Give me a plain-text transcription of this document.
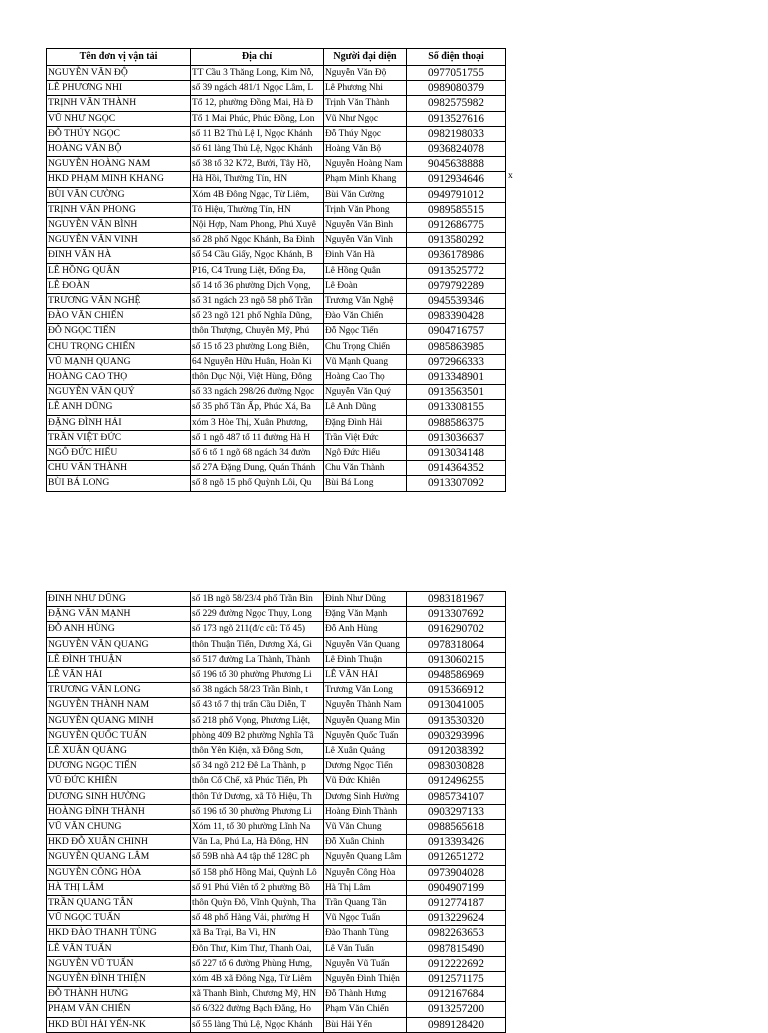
Tên đơn vị vận tải	Địa chỉ	Người đại diện	Số điện thoại
NGUYỄN VĂN ĐỘ	TT Cầu 3 Thăng Long, Kim Nỗ,	Nguyễn Văn Độ	0977051755
LÊ PHƯƠNG NHI	số 39 ngách 481/1 Ngọc Lâm, L	Lê Phương Nhi	0989080379
TRỊNH VĂN THÀNH	Tổ 12, phường Đồng Mai, Hà Đ	Trịnh Văn Thành	0982575982
VŨ NHƯ NGỌC	Tổ 1 Mai Phúc, Phúc Đồng, Lon	Vũ Như Ngọc	0913527616
ĐỖ THÚY NGỌC	số 11 B2 Thủ Lệ I, Ngọc Khánh	Đỗ Thúy Ngọc	0982198033
HOÀNG VĂN BỘ	số 61 làng Thủ Lệ, Ngọc Khánh	Hoàng Văn Bộ	0936824078
NGUYỄN HOÀNG NAM	số 38 tổ 32 K72, Bưởi, Tây Hồ,	Nguyễn Hoàng Nam	9045638888
HKD PHẠM MINH KHANG	Hà Hồi, Thường Tín, HN	Phạm Minh Khang	0912934646
BÙI VĂN CƯỜNG	Xóm 4B Đông Ngạc, Từ Liêm,	Bùi Văn Cường	0949791012
TRỊNH VĂN PHONG	Tô Hiệu, Thường Tín, HN	Trịnh Văn Phong	0989585515
NGUYỄN VĂN BÌNH	Nội Hợp, Nam Phong, Phú Xuyê	Nguyễn Văn Bình	0912686775
NGUYỄN VĂN VINH	số 28 phố Ngọc Khánh, Ba Đình	Nguyễn Văn Vinh	0913580292
ĐINH VĂN HÀ	số 54 Cầu Giấy, Ngọc Khánh, B	Đinh Văn Hà	0936178986
LÊ HỒNG QUÂN	P16, C4 Trung Liệt, Đống Đa,	Lê Hồng Quân	0913525772
LÊ ĐOÀN	số 14 tổ 36 phường Dịch Vọng,	Lê Đoàn	0979792289
TRƯƠNG VĂN NGHỆ	số 31 ngách 23 ngõ 58 phố Trần	Trương Văn Nghệ	0945539346
ĐÀO VĂN CHIẾN	số 23 ngõ 121 phố Nghĩa Dũng,	Đào Văn Chiến	0983390428
ĐỖ NGỌC TIẾN	thôn Thượng, Chuyên Mỹ, Phú	Đỗ Ngọc Tiến	0904716757
CHU TRỌNG CHIẾN	số 15 tổ 23 phường Long Biên,	Chu Trọng Chiến	0985863985
VŨ MẠNH QUANG	64 Nguyễn Hữu Huân, Hoàn Ki	Vũ Mạnh Quang	0972966333
HOÀNG CAO THỌ	thôn Dục Nội, Việt Hùng, Đông	Hoàng Cao Thọ	0913348901
NGUYỄN VĂN QUÝ	số 33 ngách 298/26 đường Ngọc	Nguyễn Văn Quý	0913563501
LÊ ANH DŨNG	số 35 phố Tân Ấp, Phúc Xá, Ba	Lê Anh Dũng	0913308155
ĐẶNG ĐÌNH HẢI	xóm 3 Hòe Thị, Xuân Phương,	Đặng Đình Hải	0988586375
TRẦN VIỆT ĐỨC	số 1 ngõ 487 tổ 11 đường Hà H	Trần Việt Đức	0913036637
NGÔ ĐỨC HIẾU	số 6 tổ 1 ngõ 68 ngách 34 đườn	Ngô Đức Hiếu	0913034148
CHU VĂN THÀNH	số 27A Đặng Dung, Quán Thánh	Chu Văn Thành	0914364352
BÙI BÁ LONG	số 8 ngõ 15 phố Quỳnh Lôi, Qu	Bùi Bá Long	0913307092
x
ĐINH NHƯ DŨNG	số 1B ngõ 58/23/4 phố Trần Bìn	Đinh Như Dũng	0983181967
ĐẶNG VĂN MẠNH	số 229 đường Ngọc Thụy, Long	Đặng Văn Mạnh	0913307692
ĐỖ ANH HÙNG	số 173 ngõ 211(đ/c cũ: Tổ 45)	Đỗ Anh Hùng	0916290702
NGUYỄN VĂN QUANG	thôn Thuận Tiến, Dương Xá, Gi	Nguyễn Văn Quang	0978318064
LÊ ĐÌNH THUẬN	số 517 đường La Thành, Thành	Lê Đình Thuận	0913060215
LÊ VĂN HẢI	số 196 tổ 30 phường Phương Li	LÊ VĂN HẢI	0948586969
TRƯƠNG VĂN LONG	số 38 ngách 58/23 Trần Bình, t	Trương Văn Long	0915366912
NGUYỄN THÀNH NAM	số 43 tổ 7 thị trấn Cầu Diễn, T	Nguyễn Thành Nam	0913041005
NGUYỄN QUANG MINH	số 218 phố Vọng, Phương Liệt,	Nguyễn Quang Min	0913530320
NGUYỄN QUỐC TUẤN	phòng 409 B2 phường Nghĩa Tâ	Nguyễn Quốc Tuấn	0903293996
LÊ XUÂN QUẢNG	thôn Yên Kiện, xã Đông Sơn,	Lê Xuân Quảng	0912038392
DƯƠNG NGỌC TIẾN	số 34 ngõ 212 Đê La Thành, p	Dương Ngọc Tiến	0983030828
VŨ ĐỨC KHIÊN	thôn Cổ Chế, xã Phúc Tiến, Ph	Vũ Đức Khiên	0912496255
DƯƠNG SINH HƯỜNG	thôn Tứ Dương, xã Tô Hiệu, Th	Dương Sinh Hường	0985734107
HOÀNG ĐÌNH THÀNH	số 196 tổ 30 phường Phương Li	Hoàng Đình Thành	0903297133
VŨ VĂN CHUNG	Xóm 11, tổ 30 phường Lĩnh Na	Vũ Văn Chung	0988565618
HKD ĐỖ XUÂN CHINH	Văn La, Phú La, Hà Đông, HN	Đỗ Xuân Chinh	0913393426
NGUYỄN QUANG LÂM	số 59B nhà A4 tập thể 128C ph	Nguyễn Quang Lâm	0912651272
NGUYỄN CÔNG HÒA	số 158 phố Hồng Mai, Quỳnh Lô	Nguyễn Công Hòa	0973904028
HÀ THỊ LÂM	số 91 Phú Viên tổ 2 phường Bồ	Hà Thị Lâm	0904907199
TRẦN QUANG TÂN	thôn Quỳn Đô, Vĩnh Quỳnh, Tha	Trần Quang Tân	0912774187
VŨ NGỌC TUẤN	số 48 phố Hàng Vải, phường H	Vũ Ngọc Tuấn	0913229624
HKD ĐÀO THANH TÙNG	xã Ba Trại, Ba Vì, HN	Đào Thanh Tùng	0982263653
LÊ VĂN TUẤN	Đôn Thư, Kim Thư, Thanh Oai,	Lê Văn Tuấn	0987815490
NGUYỄN VŨ TUẤN	số 227 tổ 6 đường Phùng Hưng,	Nguyễn Vũ Tuấn	0912222692
NGUYỄN ĐÌNH THIỆN	xóm 4B xã Đông Ngạ, Từ Liêm	Nguyễn Đình Thiện	0912571175
ĐỖ THÀNH HƯNG	xã Thanh Bình, Chương Mỹ, HN	Đỗ Thành Hưng	0912167684
PHẠM VĂN CHIẾN	số 6/322 đường Bạch Đằng, Ho	Phạm Văn Chiến	0913257200
HKD BÙI HẢI YẾN-NK	số 55 làng Thủ Lệ, Ngọc Khánh	Bùi Hải Yến	0989128420
